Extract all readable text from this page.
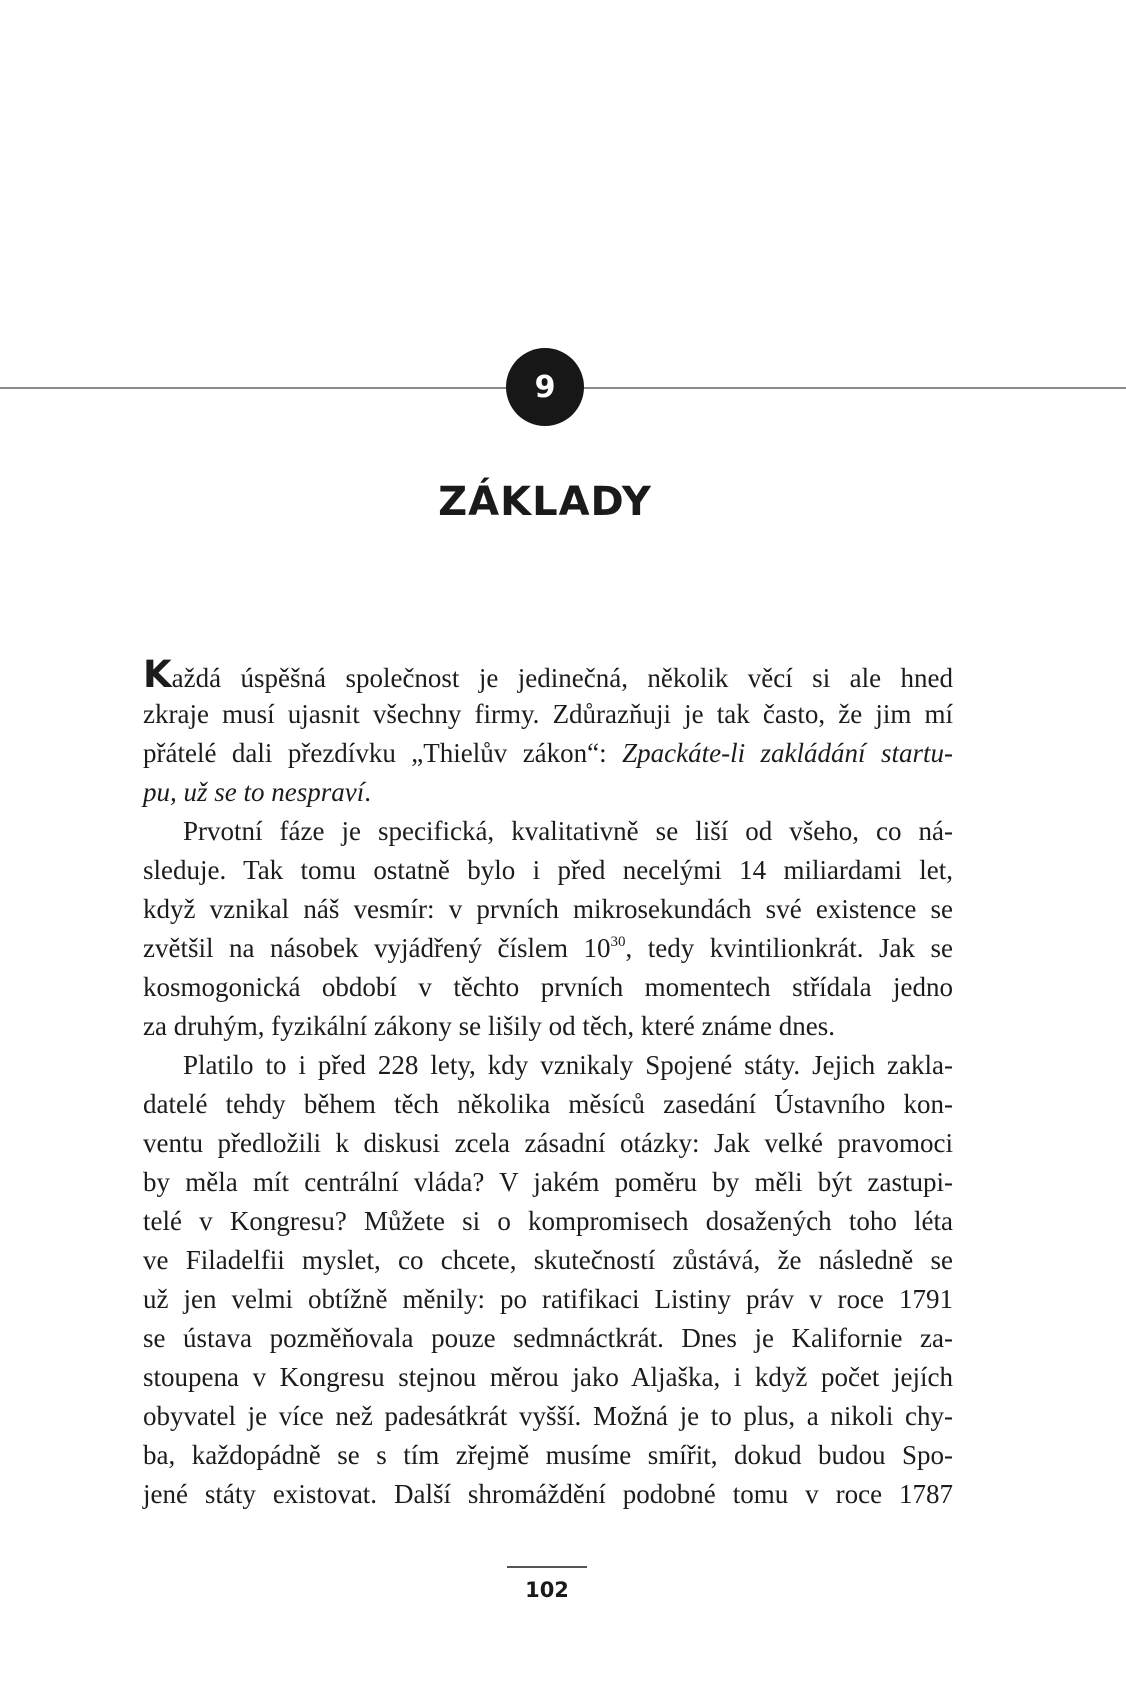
9
ZÁKLADY
Každá úspěšná společnost je jedinečná, několik věcí si ale hned
zkraje musí ujasnit všechny firmy. Zdůrazňuji je tak často, že jim mí
přátelé dali přezdívku „Thielův zákon“: Zpackáte-li zakládání startu-
pu, už se to nespraví.
Prvotní fáze je specifická, kvalitativně se liší od všeho, co ná-
sleduje. Tak tomu ostatně bylo i před necelými 14 miliardami let,
když vznikal náš vesmír: v prvních mikrosekundách své existence se
zvětšil na násobek vyjádřený číslem $10^{30}$, tedy kvintilionkrát. Jak se
kosmogonická období v těchto prvních momentech střídala jedno
za druhým, fyzikální zákony se lišily od těch, které známe dnes.
Platilo to i před 228 lety, kdy vznikaly Spojené státy. Jejich zakla-
datelé tehdy během těch několika měsíců zasedání Ústavního kon-
ventu předložili k diskusi zcela zásadní otázky: Jak velké pravomoci
by měla mít centrální vláda? V jakém poměru by měli být zastupi-
telé v Kongresu? Můžete si o kompromisech dosažených toho léta
ve Filadelfii myslet, co chcete, skutečností zůstává, že následně se
už jen velmi obtížně měnily: po ratifikaci Listiny práv v roce 1791
se ústava pozměňovala pouze sedmnáctkrát. Dnes je Kalifornie za-
stoupena v Kongresu stejnou měrou jako Aljaška, i když počet jejích
obyvatel je více než padesátkrát vyšší. Možná je to plus, a nikoli chy-
ba, každopádně se s tím zřejmě musíme smířit, dokud budou Spo-
jené státy existovat. Další shromáždění podobné tomu v roce 1787
102
